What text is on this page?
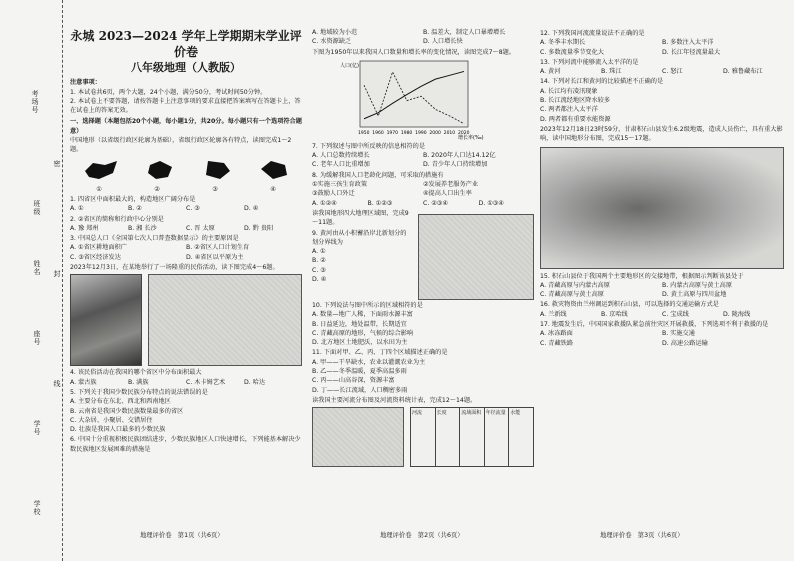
考场号
班级
姓名
座号
学号
学校
密
封
线
永城 2023—2024 学年上学期期末学业评价卷
八年级地理（人教版）
注意事项：
1. 本试卷共6页，两个大题，24个小题，满分50分，考试时间50分钟。
2. 本试卷上不要答题，请按答题卡上注意事项的要求直接把答案填写在答题卡上，答在试卷上的答案无效。
一、选择题（本题包括20个小题，每小题1分，共20分。每小题只有一个选项符合题意）
中国地形（以省级行政区轮廓为基础），省级行政区轮廓各有特点，读图完成1～2题。
①	②	③	④
1. 四省区中面积最大的，构造地区广阔分布是
A. ①	B. ②	C. ③	D. ④
2. ②省区的简称和行政中心分别是
A. 豫 郑州	B. 湘 长沙	C. 晋 太原	D. 黔 贵阳
3. 中国总人口《全国第七次人口普查数据显示》的主要原因是
A. ①省区耕地面积广	B. ②省区人口计划生育
C. ③省区经济发达	D. ④省区以平原为主
2023年12月3日，在某地举行了一场隆重的民俗活动，读下图完成4～6题。
4. 该民俗活动在我国的哪个省区中分布面积最大
A. 蒙古族	B. 满族	C. 木卡姆艺术	D. 哈达
5. 下列关于我国少数民族分布特点的说法错误的是
A. 主要分布在东北、西北和西南地区
B. 云南省是我国少数民族数量最多的省区
C. 大杂居、小聚居、交错居住
D. 壮族是我国人口最多的少数民族
6. 中国十分重视积极民族团结进步，少数民族地区人口快速增长，下列能基本解决少数民族地区发展困难的措施是
地理评价卷　第1页（共6页）
A. 地域较为小范	B. 温差大，制定人口暴增增长
C. 水资源缺乏	D. 人口增长快
下图为1950年以来我国人口数量和增长率的变化情况，读图完成7～8题。
1950 1960 1970 1980 1990 2000 2010 2020
人口(亿)
增长率(‰)
7. 下列叙述与图中所反映的信息相符的是
A. 人口总数持续增长	B. 2020年人口达14.12亿
C. 老年人口比重增加	D. 青少年人口持续增加
8. 为缓解我国人口老龄化问题，可采取的措施有
①实施三孩生育政策	②发展养老服务产业
③鼓励人口外迁	④提高人口出生率
A. ①②④	B. ①②③	C. ②③④	D. ①③④
读我国地形四大地理区域图，完成9～11题。
9. 黄河由从小积蓄沿岸北新划分的划分界线为
A. ①
B. ②
C. ③
D. ④
10. 下列说法与图中所示的区域相符的是
A. 数量—地广人稀，下面雨水源丰富
B. 日益延边，地处温带，长期适宜
C. 青藏高原的地形，气候的综合影响
D. 北方地区土地肥沃，以水田为主
11. 下面对甲、乙、丙、丁四个区域描述正确的是
A. 甲——干旱缺水，农业以灌溉农业为主
B. 乙——冬季温暖，夏季高温多雨
C. 丙——山高谷深，资源丰富
D. 丁——长江流域，人口稠密多雨
读我国主要河流分布图及河流资料统计表，完成12～14题。
河流	长度	流域面积 年径流量 水能
地理评价卷　第2页（共6页）
12. 下列我国河流流量说法不正确的是
A. 冬季丰水期长	B. 多数注入太平洋
C. 多数流量季节变化大	D. 长江年径流量最大
13. 下列河流中能够流入太平洋的是
A. 黄河	B. 珠江	C. 怒江	D. 雅鲁藏布江
14. 下列对长江和黄河的比较描述不正确的是
A. 长江均有凌汛现象
B. 长江流经地区降水较多
C. 两者都注入太平洋
D. 两者都有重要水能资源
2023年12月18日23时59分，甘肃积石山县发生6.2级地震，造成人员伤亡，具有重大影响，读中国地形分布图，完成15～17题。
15. 积石山县位于我国两个主要地形区的交接地带，根据图示判断该县处于
A. 青藏高原与内蒙古高原	B. 内蒙古高原与黄土高原
C. 青藏高原与黄土高原	D. 黄土高原与四川盆地
16. 救灾物资由兰州调运到积石山县，可以选择的交通运输方式是
A. 兰新线	B. 京哈线	C. 宝成线	D. 陇海线
17. 地震发生后，中国国家救援队紧急前往灾区开展救援，下列选项不利于救援的是
A. 冰冻路面	B. 实施交通
C. 青藏铁路	D. 高速公路运输
地理评价卷　第3页（共6页）
